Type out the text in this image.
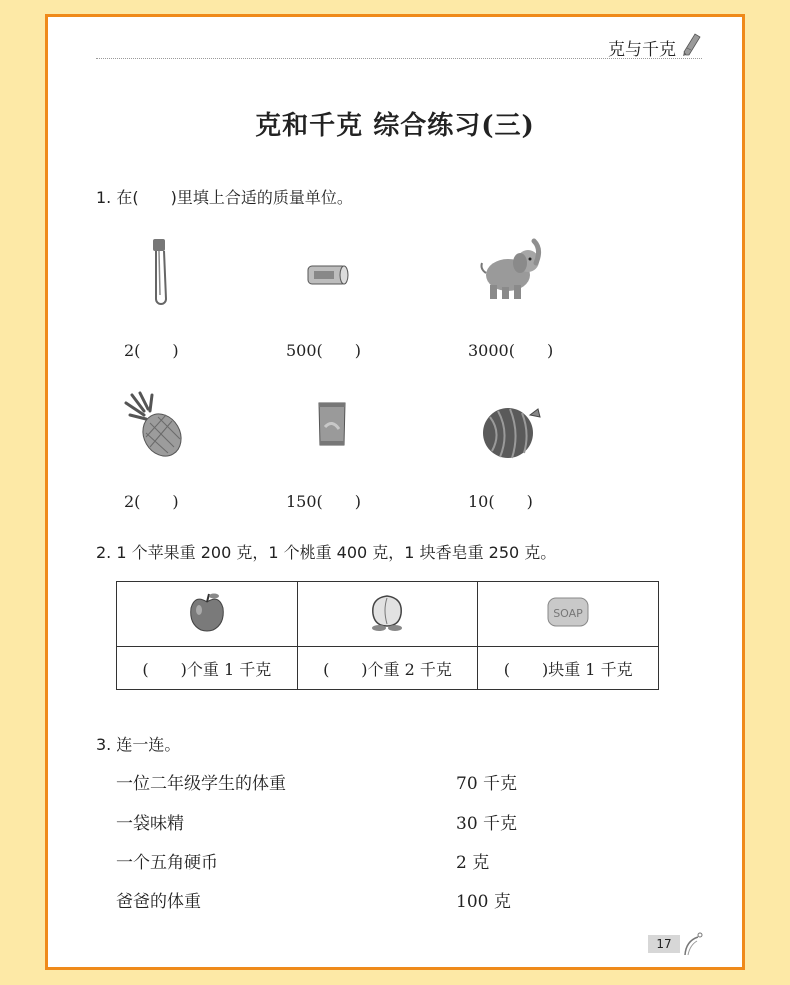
克与千克
克和千克 综合练习(三)
1. 在(　　)里填上合适的质量单位。
2(　　)	500(　　)	3000(　　)
2(　　)	150(　　)	10(　　)
2. 1 个苹果重 200 克，1 个桃重 400 克，1 块香皂重 250 克。

SOAP

(　　)个重 1 千克	(　　)个重 2 千克	(　　)块重 1 千克
3. 连一连。
一位二年级学生的体重
一袋味精
一个五角硬币
爸爸的体重
70 千克
30 千克
2 克
100 克
17
